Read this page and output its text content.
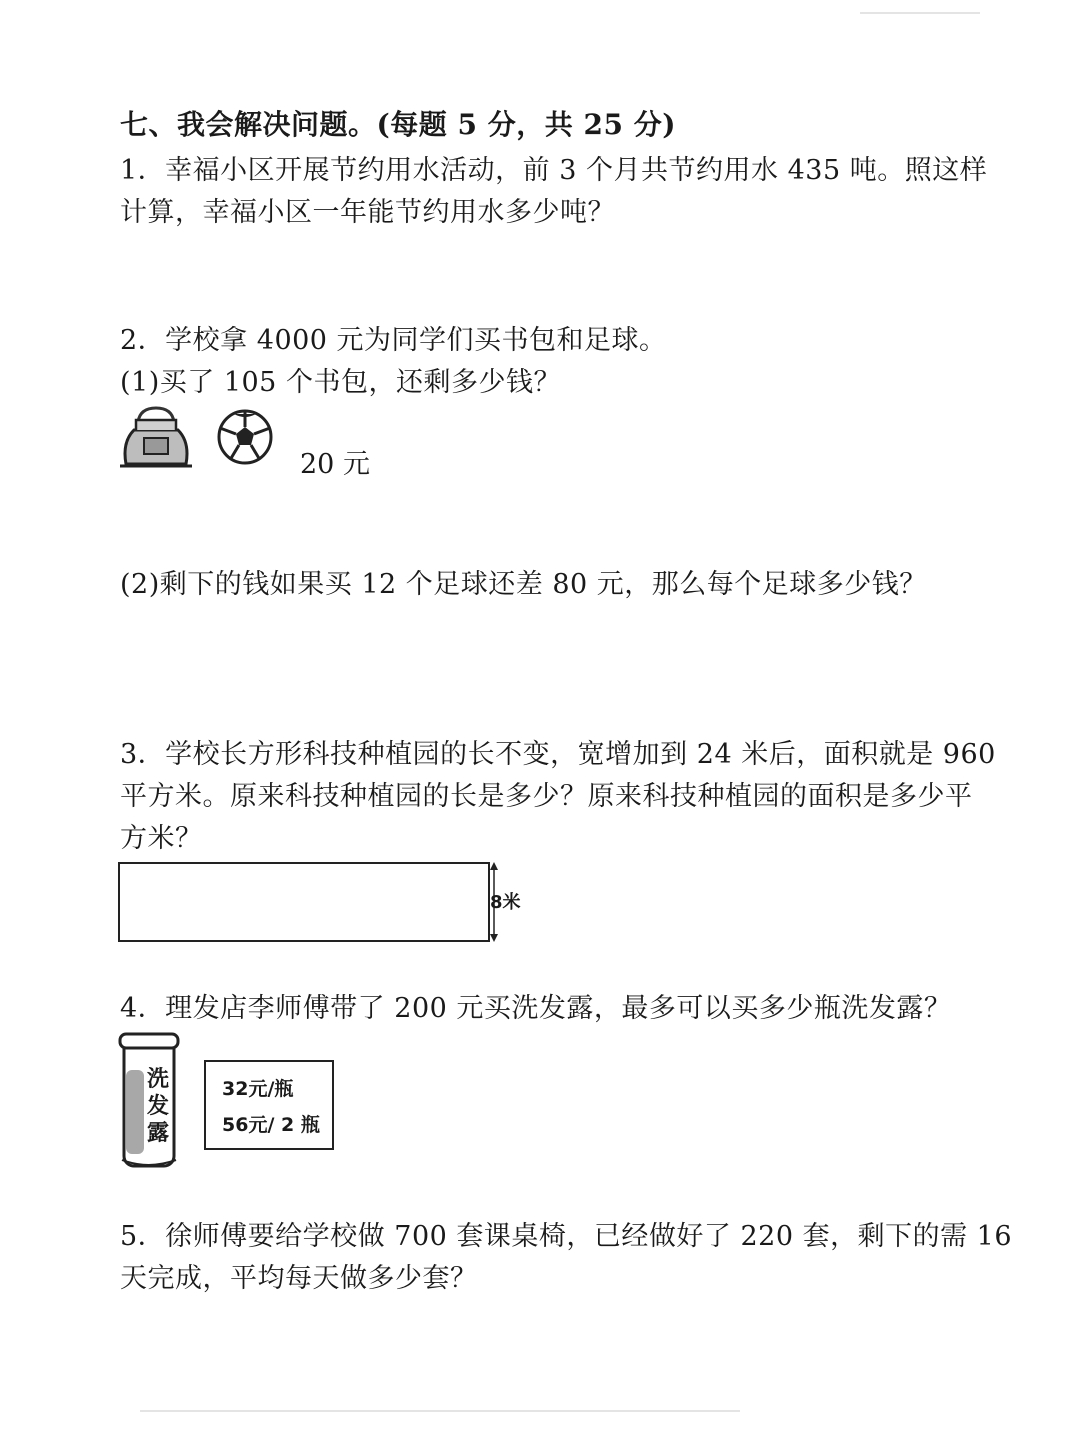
七、我会解决问题。(每题 5 分，共 25 分)
1．幸福小区开展节约用水活动，前 3 个月共节约用水 435 吨。照这样
计算，幸福小区一年能节约用水多少吨？
2．学校拿 4000 元为同学们买书包和足球。
(1)买了 105 个书包，还剩多少钱？
20 元
(2)剩下的钱如果买 12 个足球还差 80 元，那么每个足球多少钱？
3．学校长方形科技种植园的长不变，宽增加到 24 米后，面积就是 960
平方米。原来科技种植园的长是多少？原来科技种植园的面积是多少平
方米？
8米
4．理发店李师傅带了 200 元买洗发露，最多可以买多少瓶洗发露？
洗发露
32元/瓶
56元/ 2 瓶
5．徐师傅要给学校做 700 套课桌椅，已经做好了 220 套，剩下的需 16
天完成，平均每天做多少套？
